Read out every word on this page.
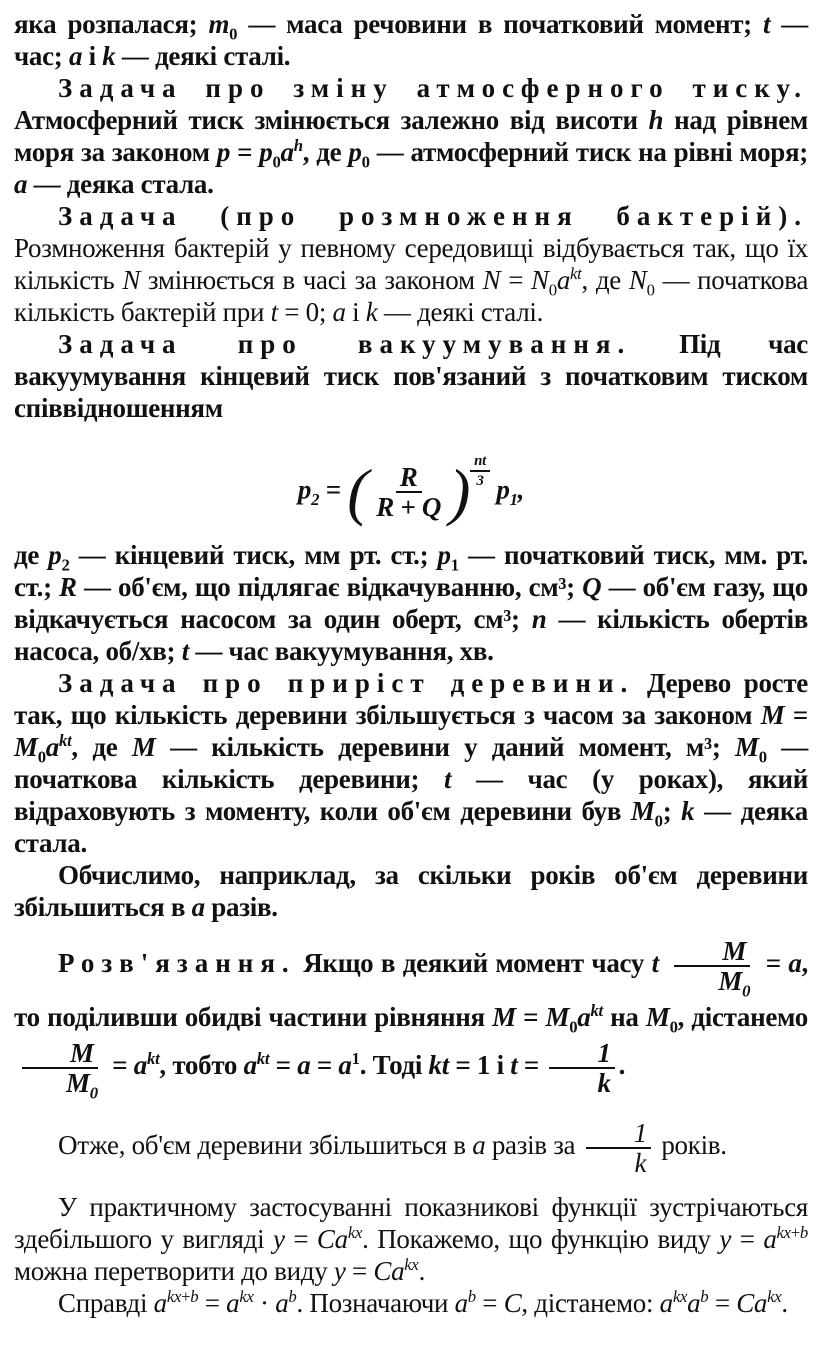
яка розпалася; $m_0$ — маса речовини в початковий момент; t — час; a і k — деякі сталі.

Задача про зміну атмосферного тиску. Атмосферний тиск змінюється залежно від висоти h над рівнем моря за законом $p = p_0a^h$, де $p_0$ — атмосферний тиск на рівні моря; a — деяка стала.

Задача (про розмноження бактерій). Розмноження бактерій у певному середовищі відбувається так, що їх кількість N змінюється в часі за законом $N = N_0a^{kt}$, де $N_0$ — початкова кількість бактерій при t = 0; a і k — деякі сталі.

Задача про вакуумування. Під час вакуумування кінцевий тиск пов'язаний з початковим тиском співвідношенням

$p_2$ = ( $\frac{R}{R + Q}$ ) $^{\frac{nt}{3}}$ $p_1$,

де $p_2$ — кінцевий тиск, мм рт. ст.; $p_1$ — початковий тиск, мм. рт. ст.; R — об'єм, що підлягає відкачуванню, см³; Q — об'єм газу, що відкачується насосом за один оберт, см³; n — кількість обертів насоса, об/хв; t — час вакуумування, хв.

Задача про приріст деревини. Дерево росте так, що кількість деревини збільшується з часом за законом $M = M_0a^{kt}$, де M — кількість деревини у даний момент, м³; $M_0$ — початкова кількість деревини; t — час (у роках), який відраховують з моменту, коли об'єм деревини був $M_0$; k — деяка стала.

Обчислимо, наприклад, за скільки років об'єм деревини збільшиться в a разів.

Розв'язання. Якщо в деякий момент часу t $\frac{M}{M_0} = a$, то поділивши обидві частини рівняння $M = M_0a^{kt}$ на $M_0$, дістанемо
$\frac{M}{M_0} = a^{kt}$, тобто $a^{kt} = a = a^1$. Тоді kt = 1 і $t = \frac{1}{k}$ .

Отже, об'єм деревини збільшиться в a разів за $\frac{1}{k}$ років.

У практичному застосуванні показникові функції зустрічаються здебільшого у вигляді $y = Ca^{kx}$. Покажемо, що функцію виду $y = a^{kx+b}$ можна перетворити до виду $y = Ca^{kx}$.

Справді $a^{kx+b} = a^{kx} \cdot a^b$. Позначаючи $a^b = C$, дістанемо: $a^{kx}a^b = Ca^{kx}$.
